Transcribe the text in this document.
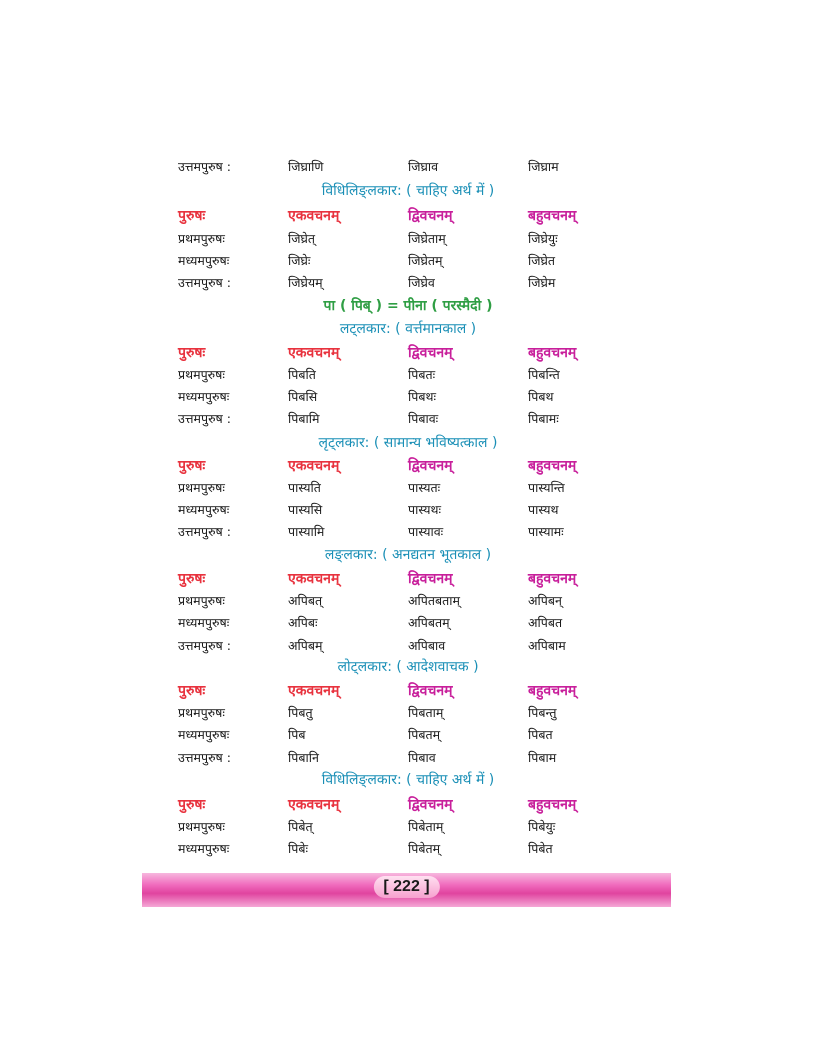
उत्तमपुरुष :	जिघ्राणि	जिघ्राव	जिघ्राम
विधिलिङ्लकार: ( चाहिए अर्थ में )
पुरुषः	एकवचनम्	द्विवचनम्	बहुवचनम्
प्रथमपुरुषः	जिघ्रेत्	जिघ्रेताम्	जिघ्रेयुः
मध्यमपुरुषः	जिघ्रेः	जिघ्रेतम्	जिघ्रेत
उत्तमपुरुष :	जिघ्रेयम्	जिघ्रेव	जिघ्रेम
पा ( पिब् ) = पीना ( परस्मैदी )
लट्लकार: ( वर्त्तमानकाल )
पुरुषः	एकवचनम्	द्विवचनम्	बहुवचनम्
प्रथमपुरुषः	पिबति	पिबतः	पिबन्ति
मध्यमपुरुषः	पिबसि	पिबथः	पिबथ
उत्तमपुरुष :	पिबामि	पिबावः	पिबामः
लृट्लकार: ( सामान्य भविष्यत्काल )
पुरुषः	एकवचनम्	द्विवचनम्	बहुवचनम्
प्रथमपुरुषः	पास्यति	पास्यतः	पास्यन्ति
मध्यमपुरुषः	पास्यसि	पास्यथः	पास्यथ
उत्तमपुरुष :	पास्यामि	पास्यावः	पास्यामः
लङ्लकार: ( अनद्यतन भूतकाल )
पुरुषः	एकवचनम्	द्विवचनम्	बहुवचनम्
प्रथमपुरुषः	अपिबत्	अपितबताम्	अपिबन्
मध्यमपुरुषः	अपिबः	अपिबतम्	अपिबत
उत्तमपुरुष :	अपिबम्	अपिबाव	अपिबाम
लोट्लकार: ( आदेशवाचक )
पुरुषः	एकवचनम्	द्विवचनम्	बहुवचनम्
प्रथमपुरुषः	पिबतु	पिबताम्	पिबन्तु
मध्यमपुरुषः	पिब	पिबतम्	पिबत
उत्तमपुरुष :	पिबानि	पिबाव	पिबाम
विधिलिङ्लकार: ( चाहिए अर्थ में )
पुरुषः	एकवचनम्	द्विवचनम्	बहुवचनम्
प्रथमपुरुषः	पिबेत्	पिबेताम्	पिबेयुः
मध्यमपुरुषः	पिबेः	पिबेतम्	पिबेत
[ 222 ]
